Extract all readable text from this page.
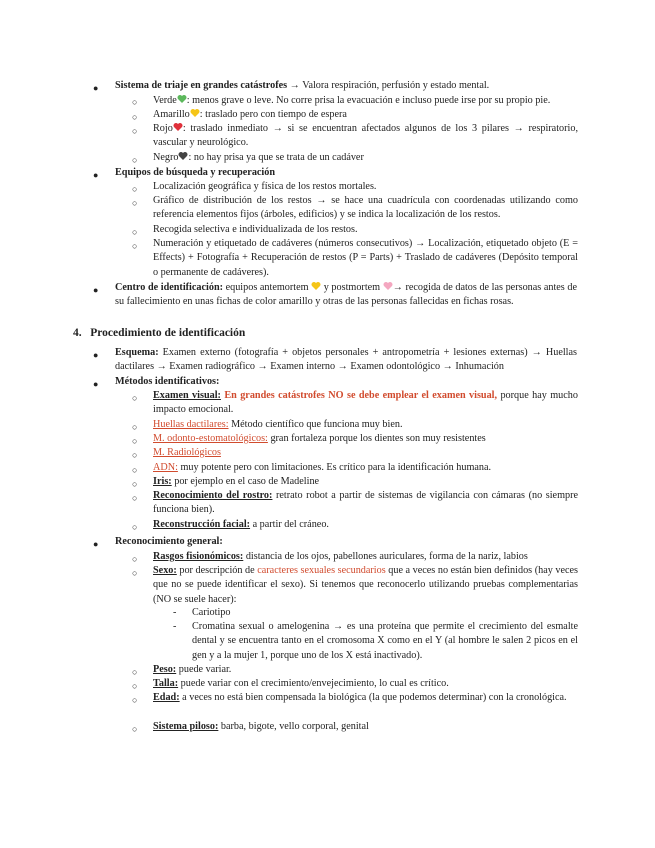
● Sistema de triaje en grandes catástrofes → Valora respiración, perfusión y estado mental.
○ Verde : menos grave o leve. No corre prisa la evacuación e incluso puede irse por su propio pie.
○ Amarillo : traslado pero con tiempo de espera
○ Rojo : traslado inmediato → si se encuentran afectados algunos de los 3 pilares → respiratorio, vascular y neurológico.
○ Negro : no hay prisa ya que se trata de un cadáver
● Equipos de búsqueda y recuperación
○ Localización geográfica y física de los restos mortales.
○ Gráfico de distribución de los restos → se hace una cuadrícula con coordenadas utilizando como referencia elementos fijos (árboles, edificios) y se indica la localización de los restos.
○ Recogida selectiva e individualizada de los restos.
○ Numeración y etiquetado de cadáveres (números consecutivos) → Localización, etiquetado objeto (E = Effects) + Fotografía + Recuperación de restos (P = Parts) + Traslado de cadáveres (Depósito temporal o permanente de cadáveres).
● Centro de identificación: equipos antemortem  y postmortem → recogida de datos de las personas antes de su fallecimiento en unas fichas de color amarillo y otras de las personas fallecidas en fichas rosas.
4. Procedimiento de identificación
● Esquema: Examen externo (fotografía + objetos personales + antropometría + lesiones externas) → Huellas dactilares → Examen radiográfico → Examen interno → Examen odontológico → Inhumación
● Métodos identificativos:
○ Examen visual: En grandes catástrofes NO se debe emplear el examen visual, porque hay mucho impacto emocional.
○ Huellas dactilares: Método científico que funciona muy bien.
○ M. odonto-estomatológicos: gran fortaleza porque los dientes son muy resistentes
○ M. Radiológicos
○ ADN: muy potente pero con limitaciones. Es crítico para la identificación humana.
○ Iris: por ejemplo en el caso de Madeline
○ Reconocimiento del rostro: retrato robot a partir de sistemas de vigilancia con cámaras (no siempre funciona bien).
○ Reconstrucción facial: a partir del cráneo.
● Reconocimiento general:
○ Rasgos fisionómicos: distancia de los ojos, pabellones auriculares, forma de la nariz, labios
○ Sexo: por descripción de caracteres sexuales secundarios que a veces no están bien definidos (hay veces que no se puede identificar el sexo). Si tenemos que reconocerlo utilizando pruebas complementarias (NO se suele hacer):
- Cariotipo
- Cromatina sexual o amelogenina → es una proteína que permite el crecimiento del esmalte dental y se encuentra tanto en el cromosoma X como en el Y (al hombre le salen 2 picos en el gen y a la mujer 1, porque uno de los X está inactivado).
○ Peso: puede variar.
○ Talla: puede variar con el crecimiento/envejecimiento, lo cual es crítico.
○ Edad: a veces no está bien compensada la biológica (la que podemos determinar) con la cronológica.
○ Sistema piloso: barba, bigote, vello corporal, genital
